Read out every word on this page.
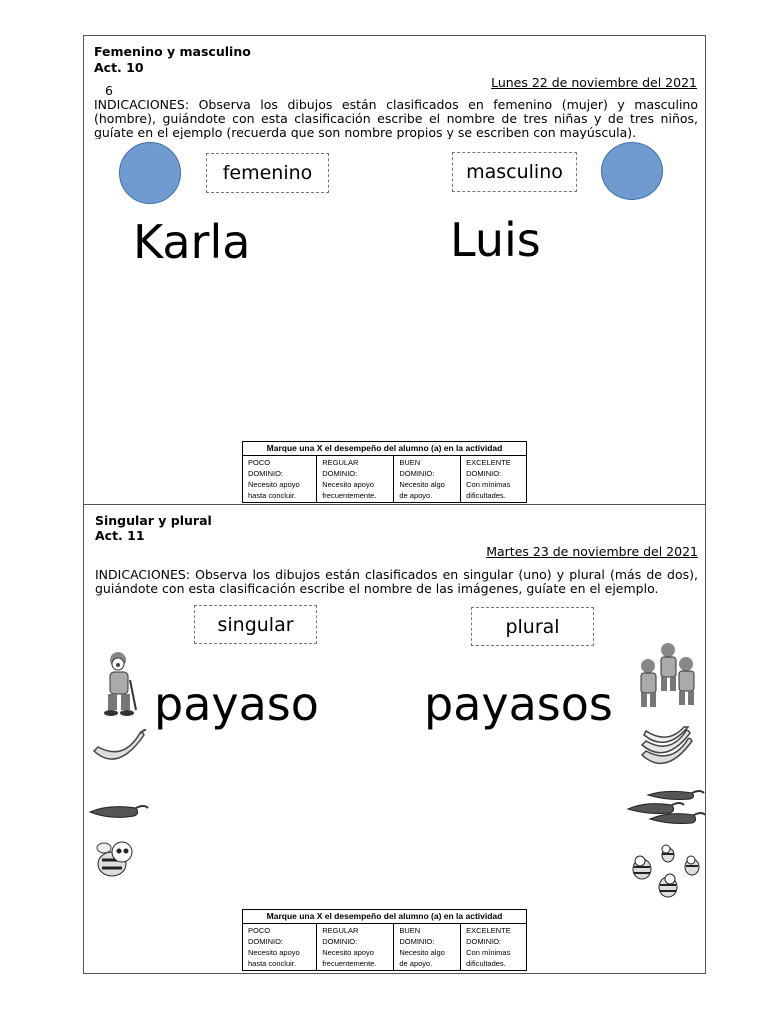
Femenino y masculino
Act. 10
Lunes 22 de noviembre del 2021
6
INDICACIONES: Observa los dibujos están clasificados en femenino (mujer) y masculino (hombre), guiándote con esta clasificación escribe el nombre de tres niñas y de tres niños, guíate en el ejemplo (recuerda que son nombre propios y se escriben con mayúscula).
femenino	masculino
Karla	Luis
Marque una X el desempeño del alumno (a) en la actividad

POCO
DOMINIO:
Necesito apoyo
hasta concluir.

REGULAR
DOMINIO:
Necesito apoyo
frecuentemente.

BUEN
DOMINIO:
Necesito algo
de apoyo.

EXCELENTE
DOMINIO:
Con mínimas
dificultades.
Singular y plural
Act. 11
Martes 23 de noviembre del 2021
INDICACIONES: Observa los dibujos están clasificados en singular (uno) y plural (más de dos), guiándote con esta clasificación escribe el nombre de las imágenes, guíate en el ejemplo.
singular	plural
payaso payasos
Marque una X el desempeño del alumno (a) en la actividad

POCO
DOMINIO:
Necesito apoyo
hasta concluir.

REGULAR
DOMINIO:
Necesito apoyo
frecuentemente.

BUEN
DOMINIO:
Necesito algo
de apoyo.

EXCELENTE
DOMINIO:
Con mínimas
dificultades.
